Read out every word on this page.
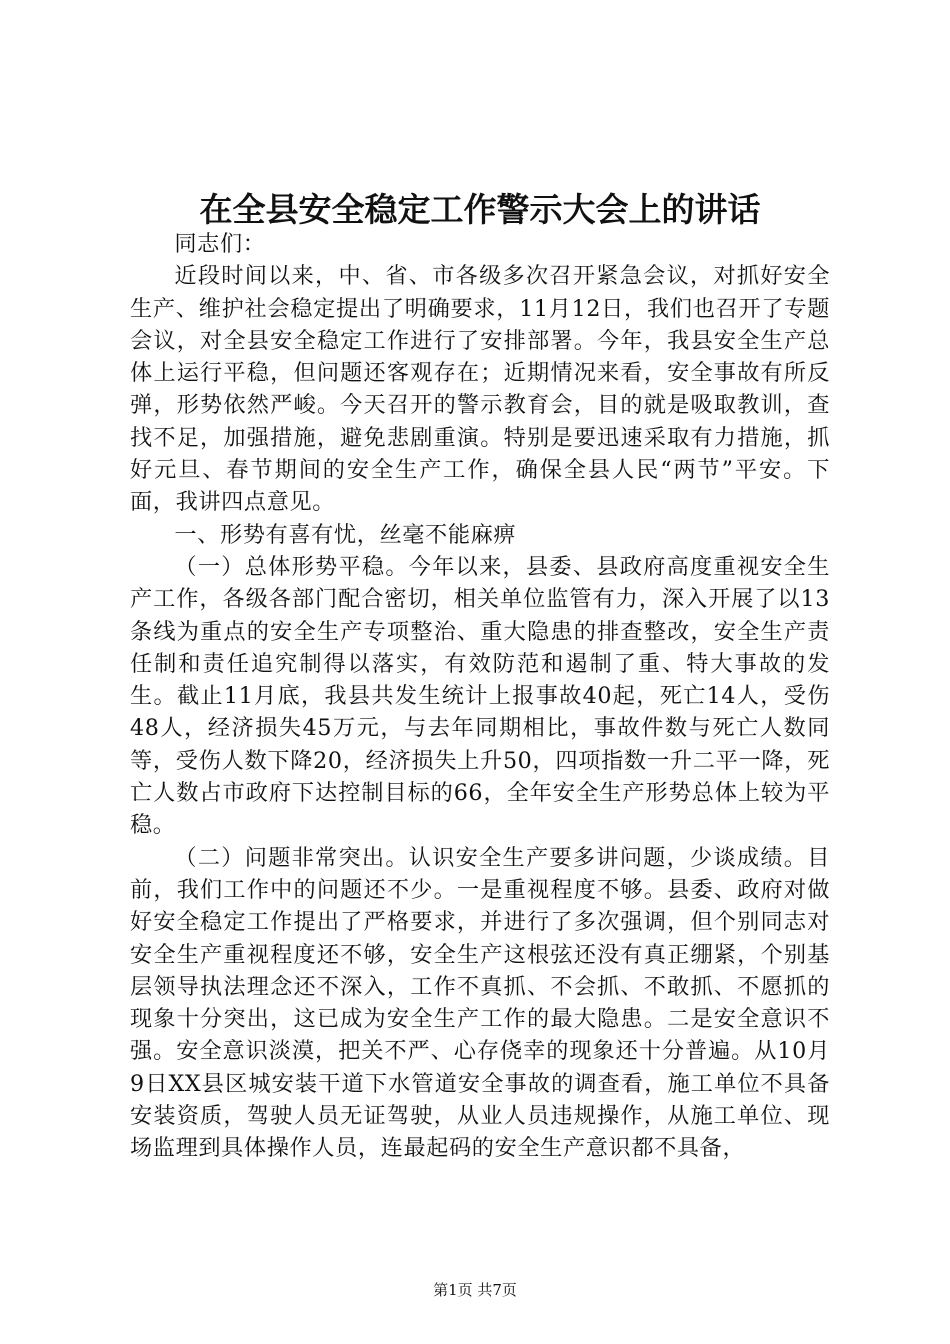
在全县安全稳定工作警示大会上的讲话

同志们：

近段时间以来，中、省、市各级多次召开紧急会议，对抓好安全生产、维护社会稳定提出了明确要求，11月12日，我们也召开了专题会议，对全县安全稳定工作进行了安排部署。今年，我县安全生产总体上运行平稳，但问题还客观存在；近期情况来看，安全事故有所反弹，形势依然严峻。今天召开的警示教育会，目的就是吸取教训，查找不足，加强措施，避免悲剧重演。特别是要迅速采取有力措施，抓好元旦、春节期间的安全生产工作，确保全县人民“两节”平安。下面，我讲四点意见。

一、形势有喜有忧，丝毫不能麻痹

（一）总体形势平稳。今年以来，县委、县政府高度重视安全生产工作，各级各部门配合密切，相关单位监管有力，深入开展了以13条线为重点的安全生产专项整治、重大隐患的排查整改，安全生产责任制和责任追究制得以落实，有效防范和遏制了重、特大事故的发生。截止11月底，我县共发生统计上报事故40起，死亡14人，受伤48人，经济损失45万元，与去年同期相比，事故件数与死亡人数同等，受伤人数下降20，经济损失上升50，四项指数一升二平一降，死亡人数占市政府下达控制目标的66，全年安全生产形势总体上较为平稳。

（二）问题非常突出。认识安全生产要多讲问题，少谈成绩。目前，我们工作中的问题还不少。一是重视程度不够。县委、政府对做好安全稳定工作提出了严格要求，并进行了多次强调，但个别同志对安全生产重视程度还不够，安全生产这根弦还没有真正绷紧，个别基层领导执法理念还不深入，工作不真抓、不会抓、不敢抓、不愿抓的现象十分突出，这已成为安全生产工作的最大隐患。二是安全意识不强。安全意识淡漠，把关不严、心存侥幸的现象还十分普遍。从10月9日XX县区城安装干道下水管道安全事故的调查看，施工单位不具备安装资质，驾驶人员无证驾驶，从业人员违规操作，从施工单位、现场监理到具体操作人员，连最起码的安全生产意识都不具备，

第1页 共7页
